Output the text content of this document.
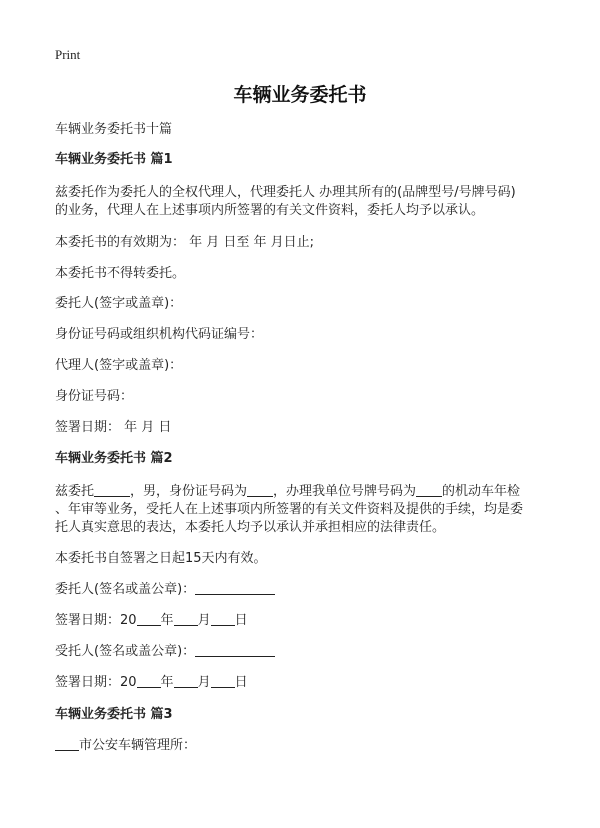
Print
车辆业务委托书
车辆业务委托书十篇
车辆业务委托书 篇1
兹委托作为委托人的全权代理人，代理委托人 办理其所有的(品牌型号/号牌号码)
的业务，代理人在上述事项内所签署的有关文件资料，委托人均予以承认。
本委托书的有效期为： 年 月 日至 年 月日止;
本委托书不得转委托。
委托人(签字或盖章)：
身份证号码或组织机构代码证编号：
代理人(签字或盖章)：
身份证号码：
签署日期： 年 月 日
车辆业务委托书 篇2
兹委托	，男，身份证号码为 ，办理我单位号牌号码为 的机动车年检
、年审等业务，受托人在上述事项内所签署的有关文件资料及提供的手续，均是委
托人真实意思的表达，本委托人均予以承认并承担相应的法律责任。
本委托书自签署之日起15天内有效。
委托人(签名或盖公章)：
签署日期：20 年 月 日
受托人(签名或盖公章)：
签署日期：20 年 月 日
车辆业务委托书 篇3
市公安车辆管理所：
